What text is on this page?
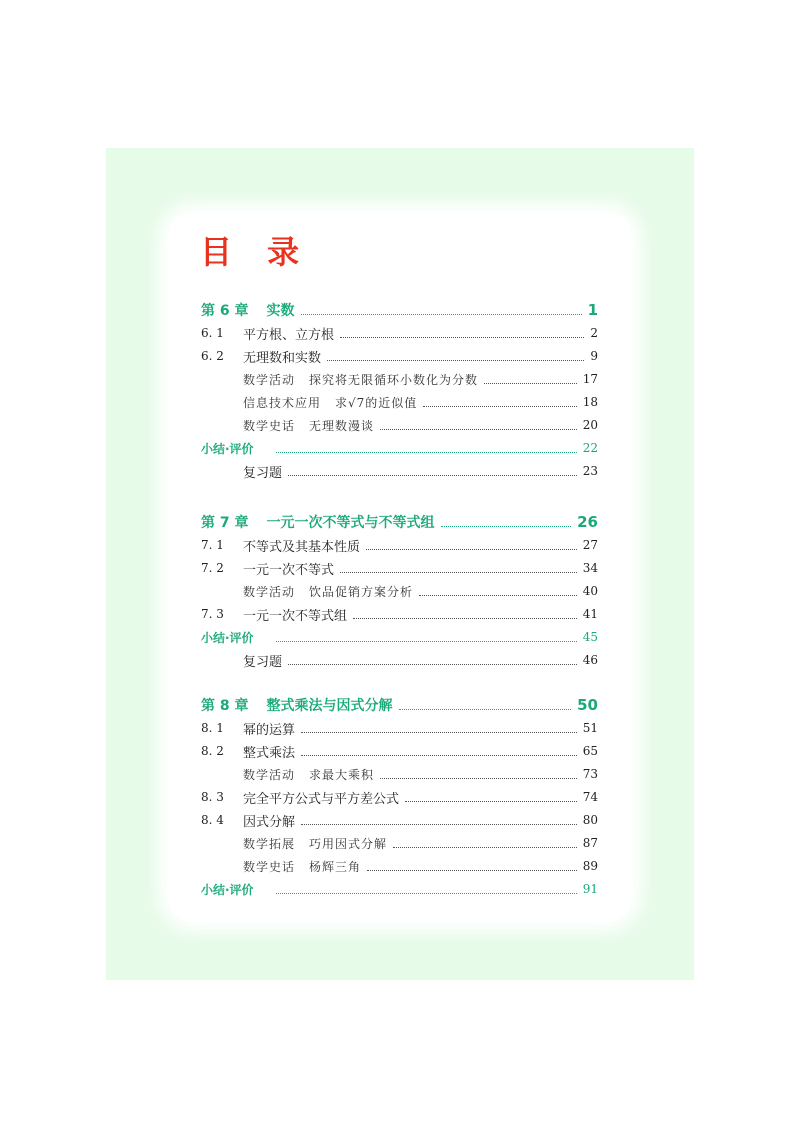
目 录
第 6 章 实数	1
6. 1	平方根、立方根	2
6. 2	无理数和实数	9
数学活动 探究将无限循环小数化为分数	17
信息技术应用 求√7的近似值	18
数学史话 无理数漫谈	20
小结·评价	22
复习题	23
第 7 章 一元一次不等式与不等式组	26
7. 1	不等式及其基本性质	27
7. 2	一元一次不等式	34
数学活动 饮品促销方案分析	40
7. 3	一元一次不等式组	41
小结·评价	45
复习题	46
第 8 章 整式乘法与因式分解	50
8. 1	幂的运算	51
8. 2	整式乘法	65
数学活动 求最大乘积	73
8. 3	完全平方公式与平方差公式	74
8. 4	因式分解	80
数学拓展 巧用因式分解	87
数学史话 杨辉三角	89
小结·评价	91
